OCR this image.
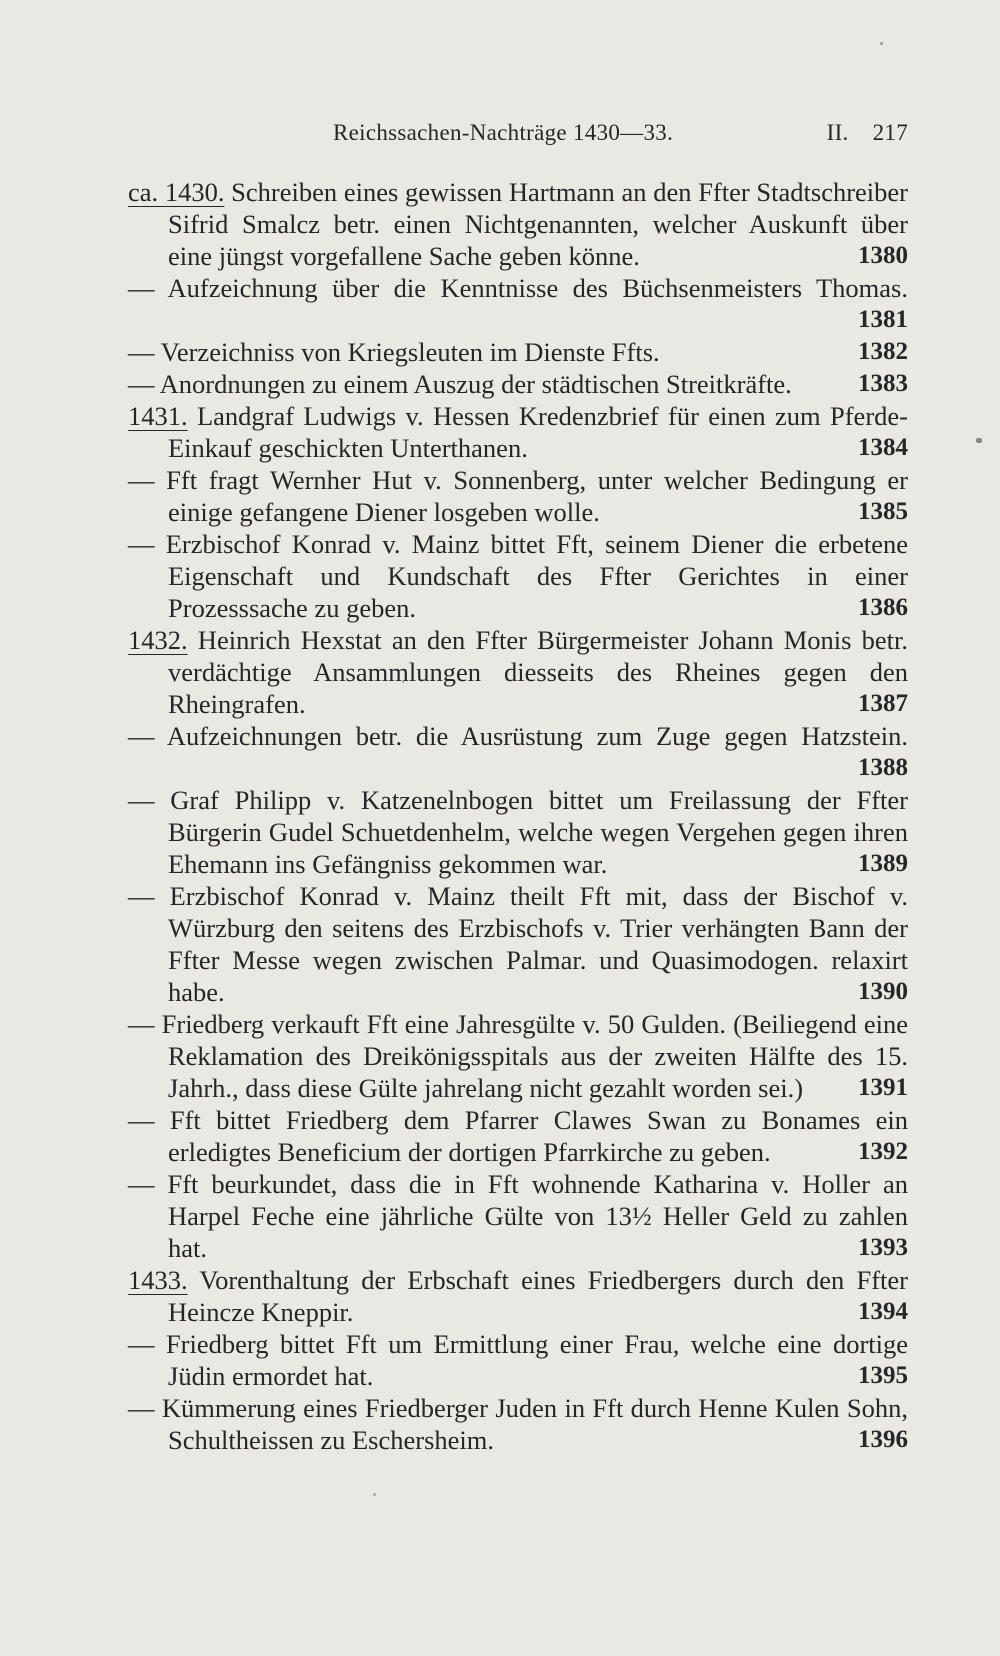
Reichssachen-Nachträge 1430—33.	II. 217
ca. 1430. Schreiben eines gewissen Hartmann an den Ffter Stadtschreiber Sifrid Smalcz betr. einen Nichtgenannten, welcher Auskunft über eine jüngst vorgefallene Sache geben könne.	1380
— Aufzeichnung über die Kenntnisse des Büchsenmeisters Thomas.
1381
— Verzeichniss von Kriegsleuten im Dienste Ffts.	1382
— Anordnungen zu einem Auszug der städtischen Streitkräfte.	1383
1431. Landgraf Ludwigs v. Hessen Kredenzbrief für einen zum Pferde-Einkauf geschickten Unterthanen.	1384
— Fft fragt Wernher Hut v. Sonnenberg, unter welcher Bedingung er einige gefangene Diener losgeben wolle.	1385
— Erzbischof Konrad v. Mainz bittet Fft, seinem Diener die erbetene Eigenschaft und Kundschaft des Ffter Gerichtes in einer Prozesssache zu geben.	1386
1432. Heinrich Hexstat an den Ffter Bürgermeister Johann Monis betr. verdächtige Ansammlungen diesseits des Rheines gegen den Rheingrafen.	1387
— Aufzeichnungen betr. die Ausrüstung zum Zuge gegen Hatzstein.
1388
— Graf Philipp v. Katzenelnbogen bittet um Freilassung der Ffter Bürgerin Gudel Schuetdenhelm, welche wegen Vergehen gegen ihren Ehemann ins Gefängniss gekommen war.	1389
— Erzbischof Konrad v. Mainz theilt Fft mit, dass der Bischof v. Würzburg den seitens des Erzbischofs v. Trier verhängten Bann der Ffter Messe wegen zwischen Palmar. und Quasimodogen. relaxirt habe.	1390
— Friedberg verkauft Fft eine Jahresgülte v. 50 Gulden. (Beiliegend eine Reklamation des Dreikönigsspitals aus der zweiten Hälfte des 15. Jahrh., dass diese Gülte jahrelang nicht gezahlt worden sei.)	1391
— Fft bittet Friedberg dem Pfarrer Clawes Swan zu Bonames ein erledigtes Beneficium der dortigen Pfarrkirche zu geben.	1392
— Fft beurkundet, dass die in Fft wohnende Katharina v. Holler an Harpel Feche eine jährliche Gülte von 13½ Heller Geld zu zahlen hat.	1393
1433. Vorenthaltung der Erbschaft eines Friedbergers durch den Ffter Heincze Kneppir.	1394
— Friedberg bittet Fft um Ermittlung einer Frau, welche eine dortige Jüdin ermordet hat.	1395
— Kümmerung eines Friedberger Juden in Fft durch Henne Kulen Sohn, Schultheissen zu Eschersheim.	1396
